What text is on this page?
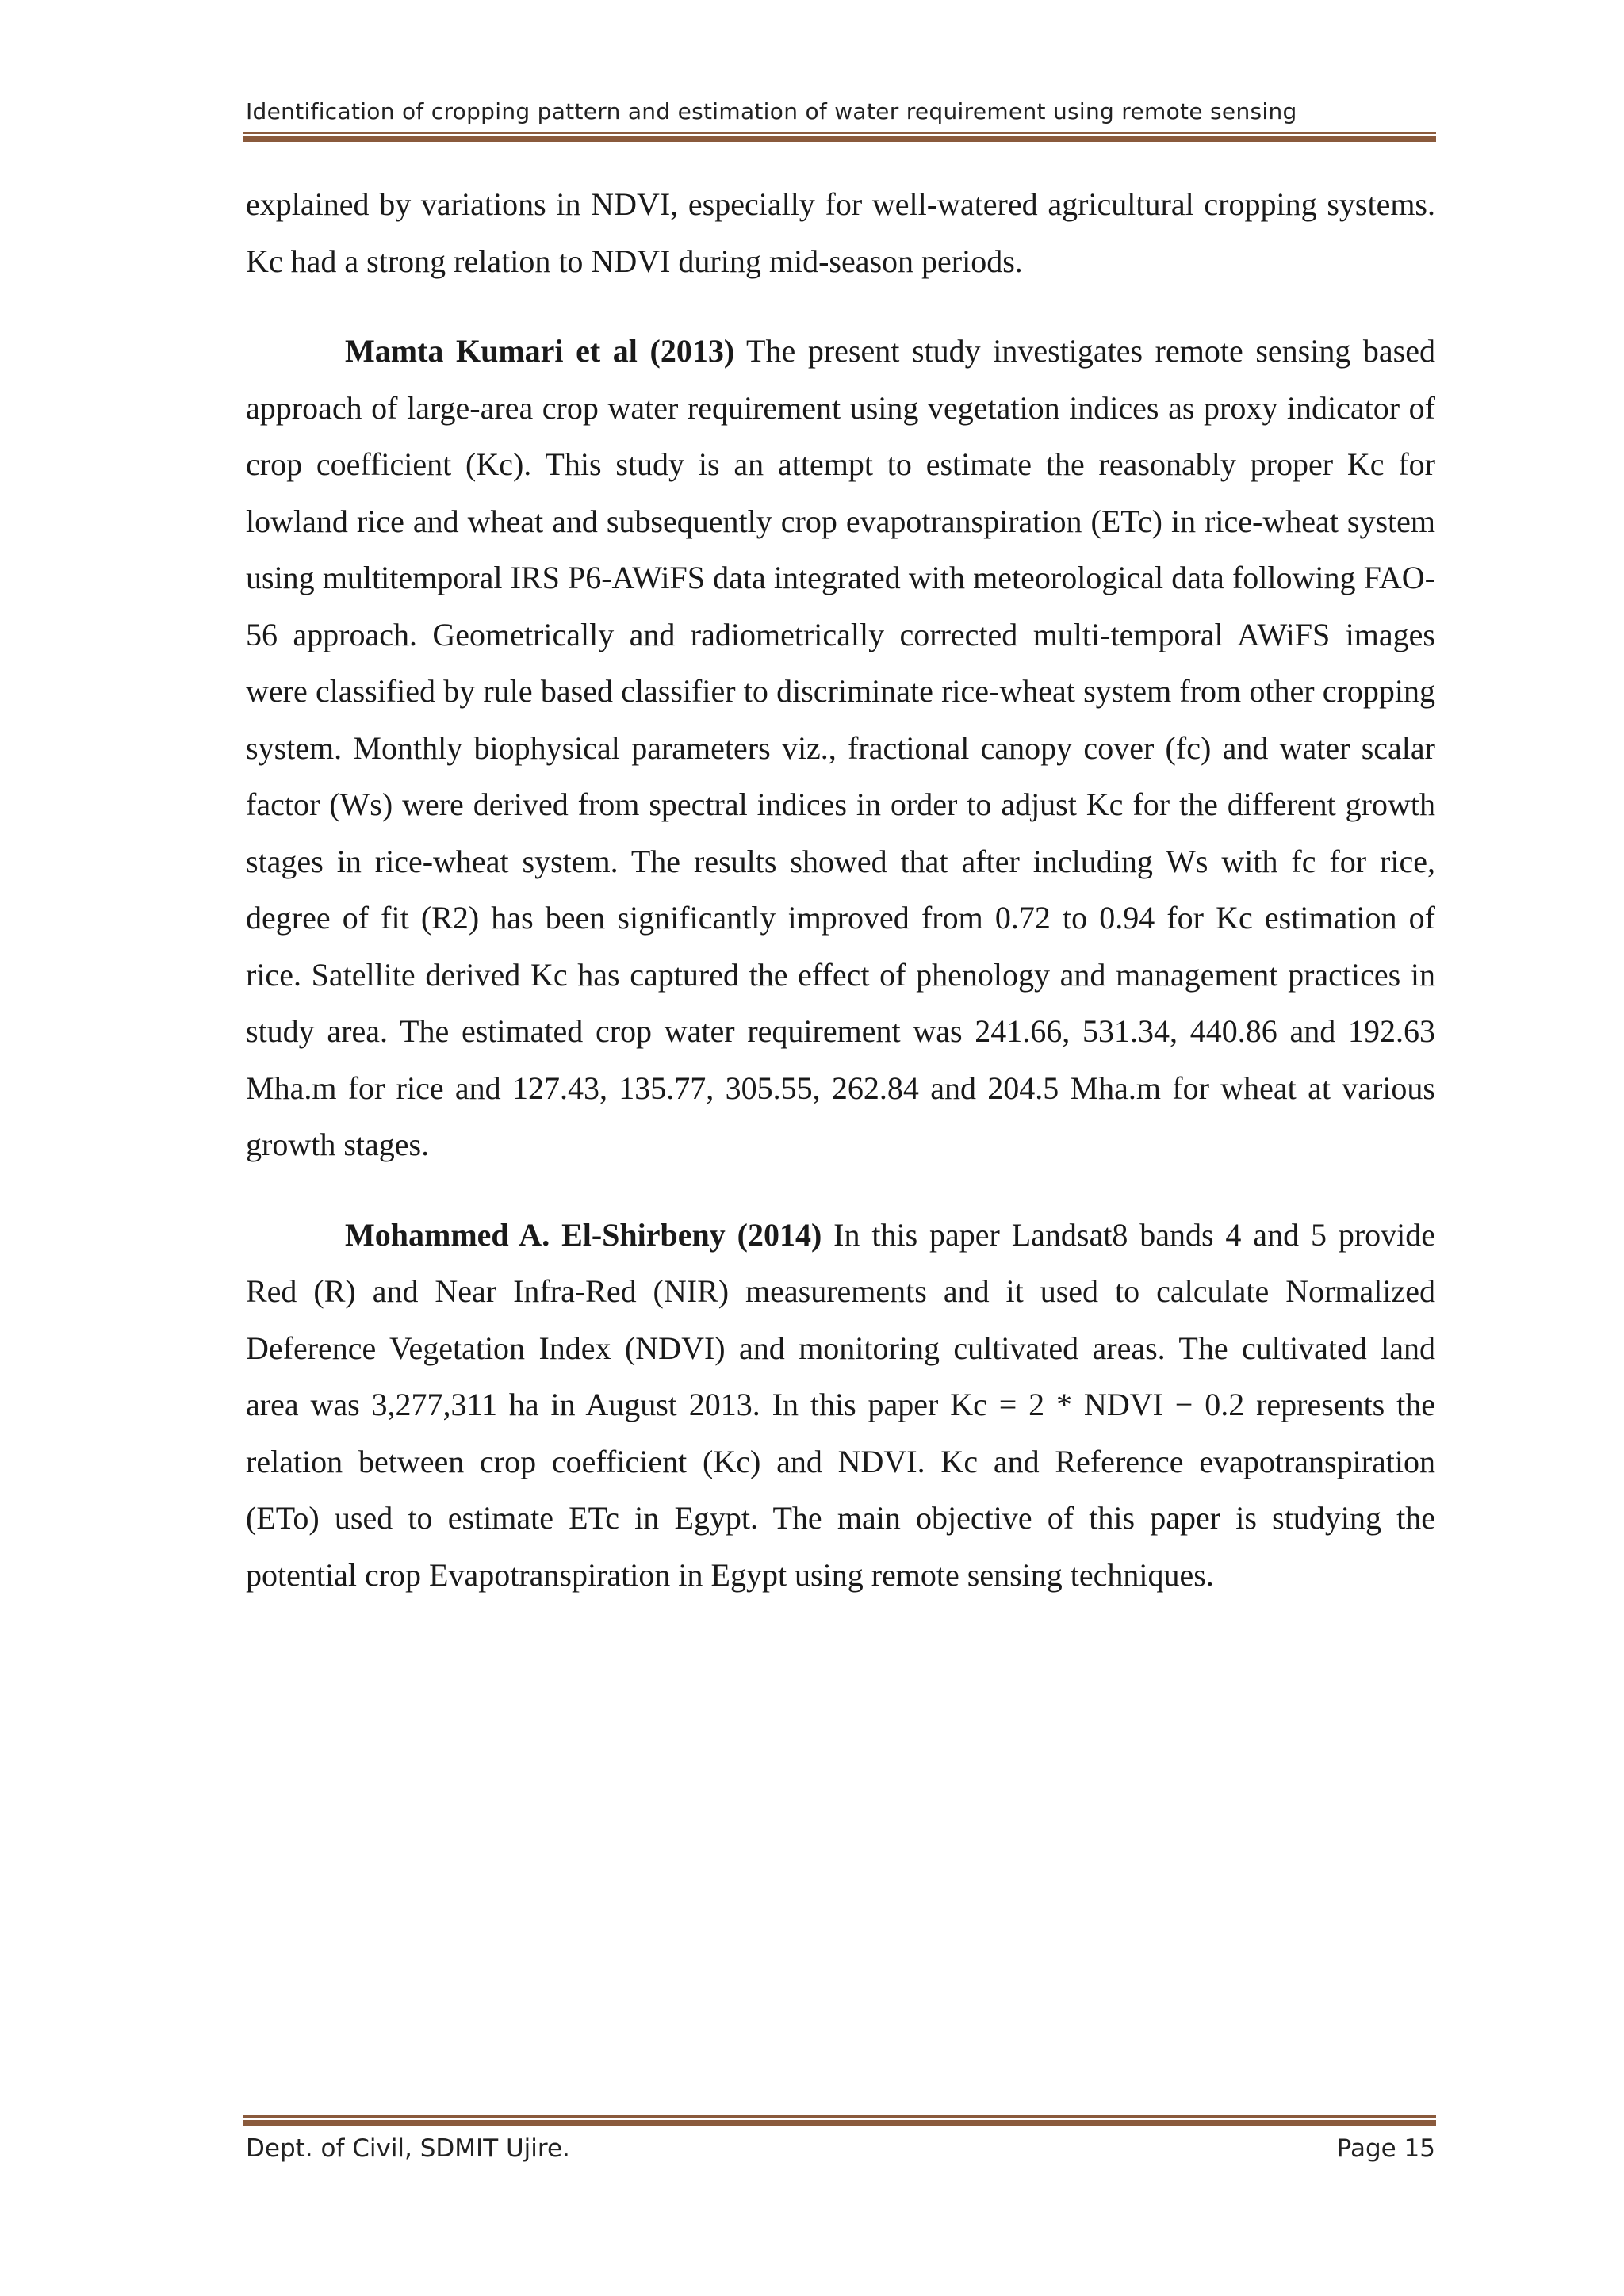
Identification of cropping pattern and estimation of water requirement using remote sensing

explained by variations in NDVI, especially for well-watered agricultural cropping systems. Kc had a strong relation to NDVI during mid-season periods.

Mamta Kumari et al (2013) The present study investigates remote sensing based approach of large-area crop water requirement using vegetation indices as proxy indicator of crop coefficient (Kc). This study is an attempt to estimate the reasonably proper Kc for lowland rice and wheat and subsequently crop evapotranspiration (ETc) in rice-wheat system using multitemporal IRS P6-AWiFS data integrated with meteorological data following FAO-56 approach. Geometrically and radiometrically corrected multi-temporal AWiFS images were classified by rule based classifier to discriminate rice-wheat system from other cropping system. Monthly biophysical parameters viz., fractional canopy cover (fc) and water scalar factor (Ws) were derived from spectral indices in order to adjust Kc for the different growth stages in rice-wheat system. The results showed that after including Ws with fc for rice, degree of fit (R2) has been significantly improved from 0.72 to 0.94 for Kc estimation of rice. Satellite derived Kc has captured the effect of phenology and management practices in study area. The estimated crop water requirement was 241.66, 531.34, 440.86 and 192.63 Mha.m for rice and 127.43, 135.77, 305.55, 262.84 and 204.5 Mha.m for wheat at various growth stages.

Mohammed A. El-Shirbeny (2014) In this paper Landsat8 bands 4 and 5 provide Red (R) and Near Infra-Red (NIR) measurements and it used to calculate Normalized Deference Vegetation Index (NDVI) and monitoring cultivated areas. The cultivated land area was 3,277,311 ha in August 2013. In this paper Kc = 2 * NDVI − 0.2 represents the relation between crop coefficient (Kc) and NDVI. Kc and Reference evapotranspiration (ETo) used to estimate ETc in Egypt. The main objective of this paper is studying the potential crop Evapotranspiration in Egypt using remote sensing techniques.

Dept. of Civil, SDMIT Ujire.	Page 15
